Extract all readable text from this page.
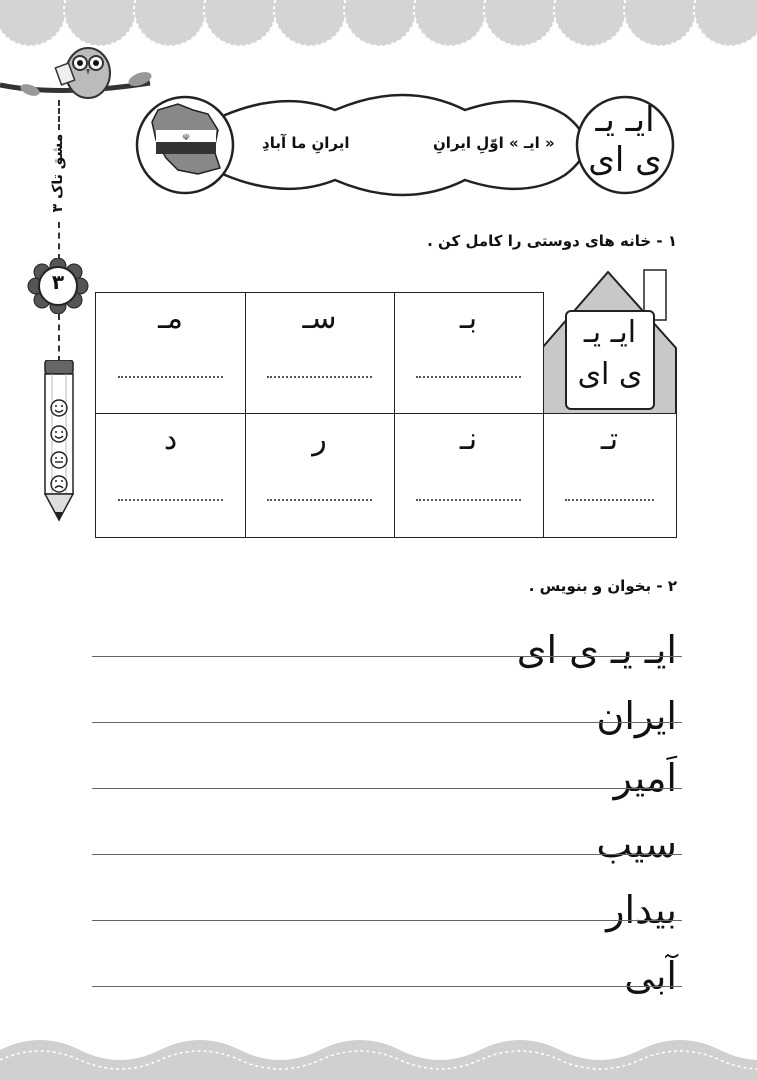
☫	ایـ یـ
ی ای
ایرانِ ما آبادِ	« ایـ » اوّلِ ایرانِ
مشق تاک ۳
۳
۱ - خانه های دوستی را کامل کن .
ایـ یـ
ی ای
بـ
سـ
مـ
تـ
نـ
ر
د
۲ - بخوان و بنویس .
ایـ یـ ی ای
ایران
اَمیر
سیب
بیدار
آبی
